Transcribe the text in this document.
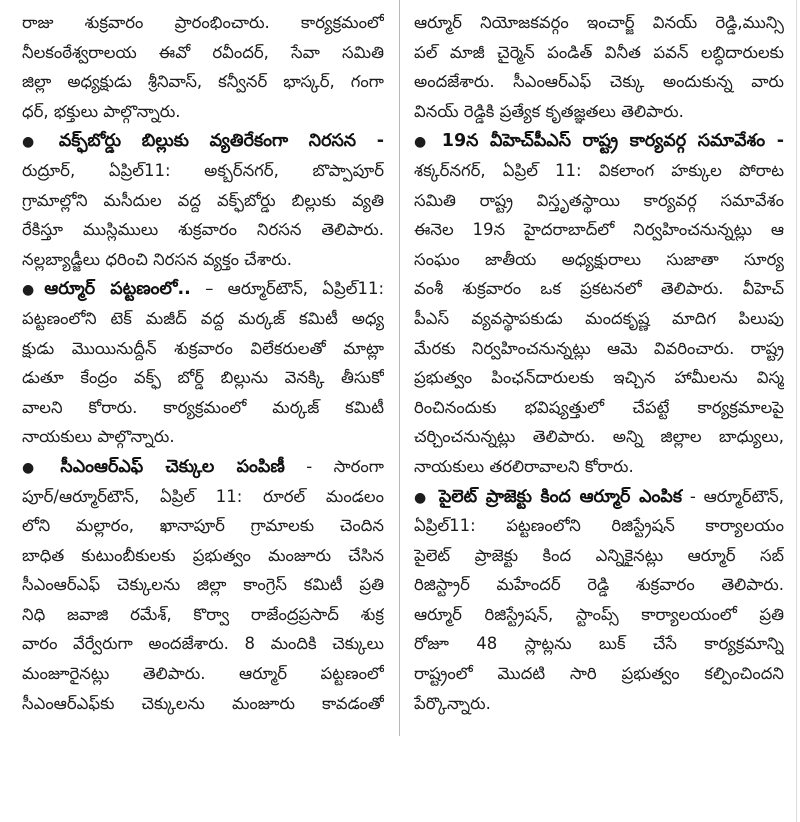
రాజు శుక్రవారం ప్రారంభించారు. కార్యక్రమంలో
నీలకంఠేశ్వరాలయ ఈవో రవీందర్, సేవా సమితి
జిల్లా అధ్యక్షుడు శ్రీనివాస్, కన్వీనర్ భాస్కర్, గంగా
ధర్, భక్తులు పాల్గొన్నారు.
● వక్ఫ్‌బోర్డు బిల్లుకు వ్యతిరేకంగా నిరసన -
రుద్రూర్, ఏప్రిల్11: అక్బర్‌నగర్, బొప్పాపూర్
గ్రామాల్లోని మసీదుల వద్ద వక్ఫ్‌బోర్డు బిల్లుకు వ్యతి
రేకిస్తూ ముస్లిములు శుక్రవారం నిరసన తెలిపారు.
నల్లబ్యాడ్జీలు ధరించి నిరసన వ్యక్తం చేశారు.
●ఆర్మూర్ పట్టణంలో.. – ఆర్మూర్‌టౌన్, ఏప్రిల్11:
పట్టణంలోని టెక్ మజీద్ వద్ద మర్కజ్ కమిటీ అధ్య
క్షుడు మొయినుద్దీన్ శుక్రవారం విలేకరులతో మాట్లా
డుతూ కేంద్రం వక్ఫ్ బోర్డ్ బిల్లును వెనక్కి తీసుకో
వాలని కోరారు. కార్యక్రమంలో మర్కజ్ కమిటీ
నాయకులు పాల్గొన్నారు.
● సీఎంఆర్ఎఫ్ చెక్కుల పంపిణీ - సారంగా
పూర్/ఆర్మూర్‌టౌన్, ఏప్రిల్ 11: రూరల్ మండలం
లోని మల్లారం, ఖానాపూర్ గ్రామాలకు చెందిన
బాధిత కుటుంబీకులకు ప్రభుత్వం మంజూరు చేసిన
సీఎంఆర్ఎఫ్ చెక్కులను జిల్లా కాంగ్రెస్ కమిటీ ప్రతి
నిధి జవాజి రమేశ్, కొర్వా రాజేంద్రప్రసాద్ శుక్ర
వారం వేర్వేరుగా అందజేశారు. 8 మందికి చెక్కులు
మంజూరైనట్లు తెలిపారు. ఆర్మూర్ పట్టణంలో
సీఎంఆర్ఎఫ్‌కు చెక్కులను మంజూరు కావడంతో
ఆర్మూర్ నియోజకవర్గం ఇంచార్జ్ వినయ్ రెడ్డి,మున్సి
పల్ మాజీ చైర్మెన్ పండిత్ వినీత పవన్ లబ్ధిదారులకు
అందజేశారు. సీఎంఆర్ఎఫ్ చెక్కు అందుకున్న వారు
వినయ్ రెడ్డికి ప్రత్యేక కృతజ్ఞతలు తెలిపారు.
● 19న వీహెచ్‌పీఎస్ రాష్ట్ర కార్యవర్గ సమావేశం -
శక్కర్‌నగర్, ఏప్రిల్ 11: వికలాంగ హక్కుల పోరాట
సమితి రాష్ట్ర విస్తృతస్థాయి కార్యవర్గ సమావేశం
ఈనెల 19న హైదరాబాద్‌లో నిర్వహించనున్నట్లు ఆ
సంఘం జాతీయ అధ్యక్షురాలు సుజాతా సూర్య
వంశీ శుక్రవారం ఒక ప్రకటనలో తెలిపారు. వీహెచ్
పీఎస్ వ్యవస్థాపకుడు మందకృష్ణ మాదిగ పిలుపు
మేరకు నిర్వహించనున్నట్లు ఆమె వివరించారు. రాష్ట్ర
ప్రభుత్వం పింఛన్‌దారులకు ఇచ్చిన హామీలను విస్మ
రించినందుకు భవిష్యత్తులో చేపట్టే కార్యక్రమాలపై
చర్చించనున్నట్లు తెలిపారు. అన్ని జిల్లాల బాధ్యులు,
నాయకులు తరలిరావాలని కోరారు.
● పైలెట్ ప్రాజెక్టు కింద ఆర్మూర్ ఎంపిక - ఆర్మూర్‌టౌన్,
ఏప్రిల్11: పట్టణంలోని రిజిస్ట్రేషన్ కార్యాలయం
పైలెట్ ప్రాజెక్టు కింద ఎన్నికైనట్లు ఆర్మూర్ సబ్
రిజిస్ట్రార్ మహేందర్ రెడ్డి శుక్రవారం తెలిపారు.
ఆర్మూర్ రిజిస్ట్రేషన్, స్టాంప్స్ కార్యాలయంలో ప్రతి
రోజూ 48 స్లాట్లను బుక్ చేసే కార్యక్రమాన్ని
రాష్ట్రంలో మొదటి సారి ప్రభుత్వం కల్పించిందని
పేర్కొన్నారు.
